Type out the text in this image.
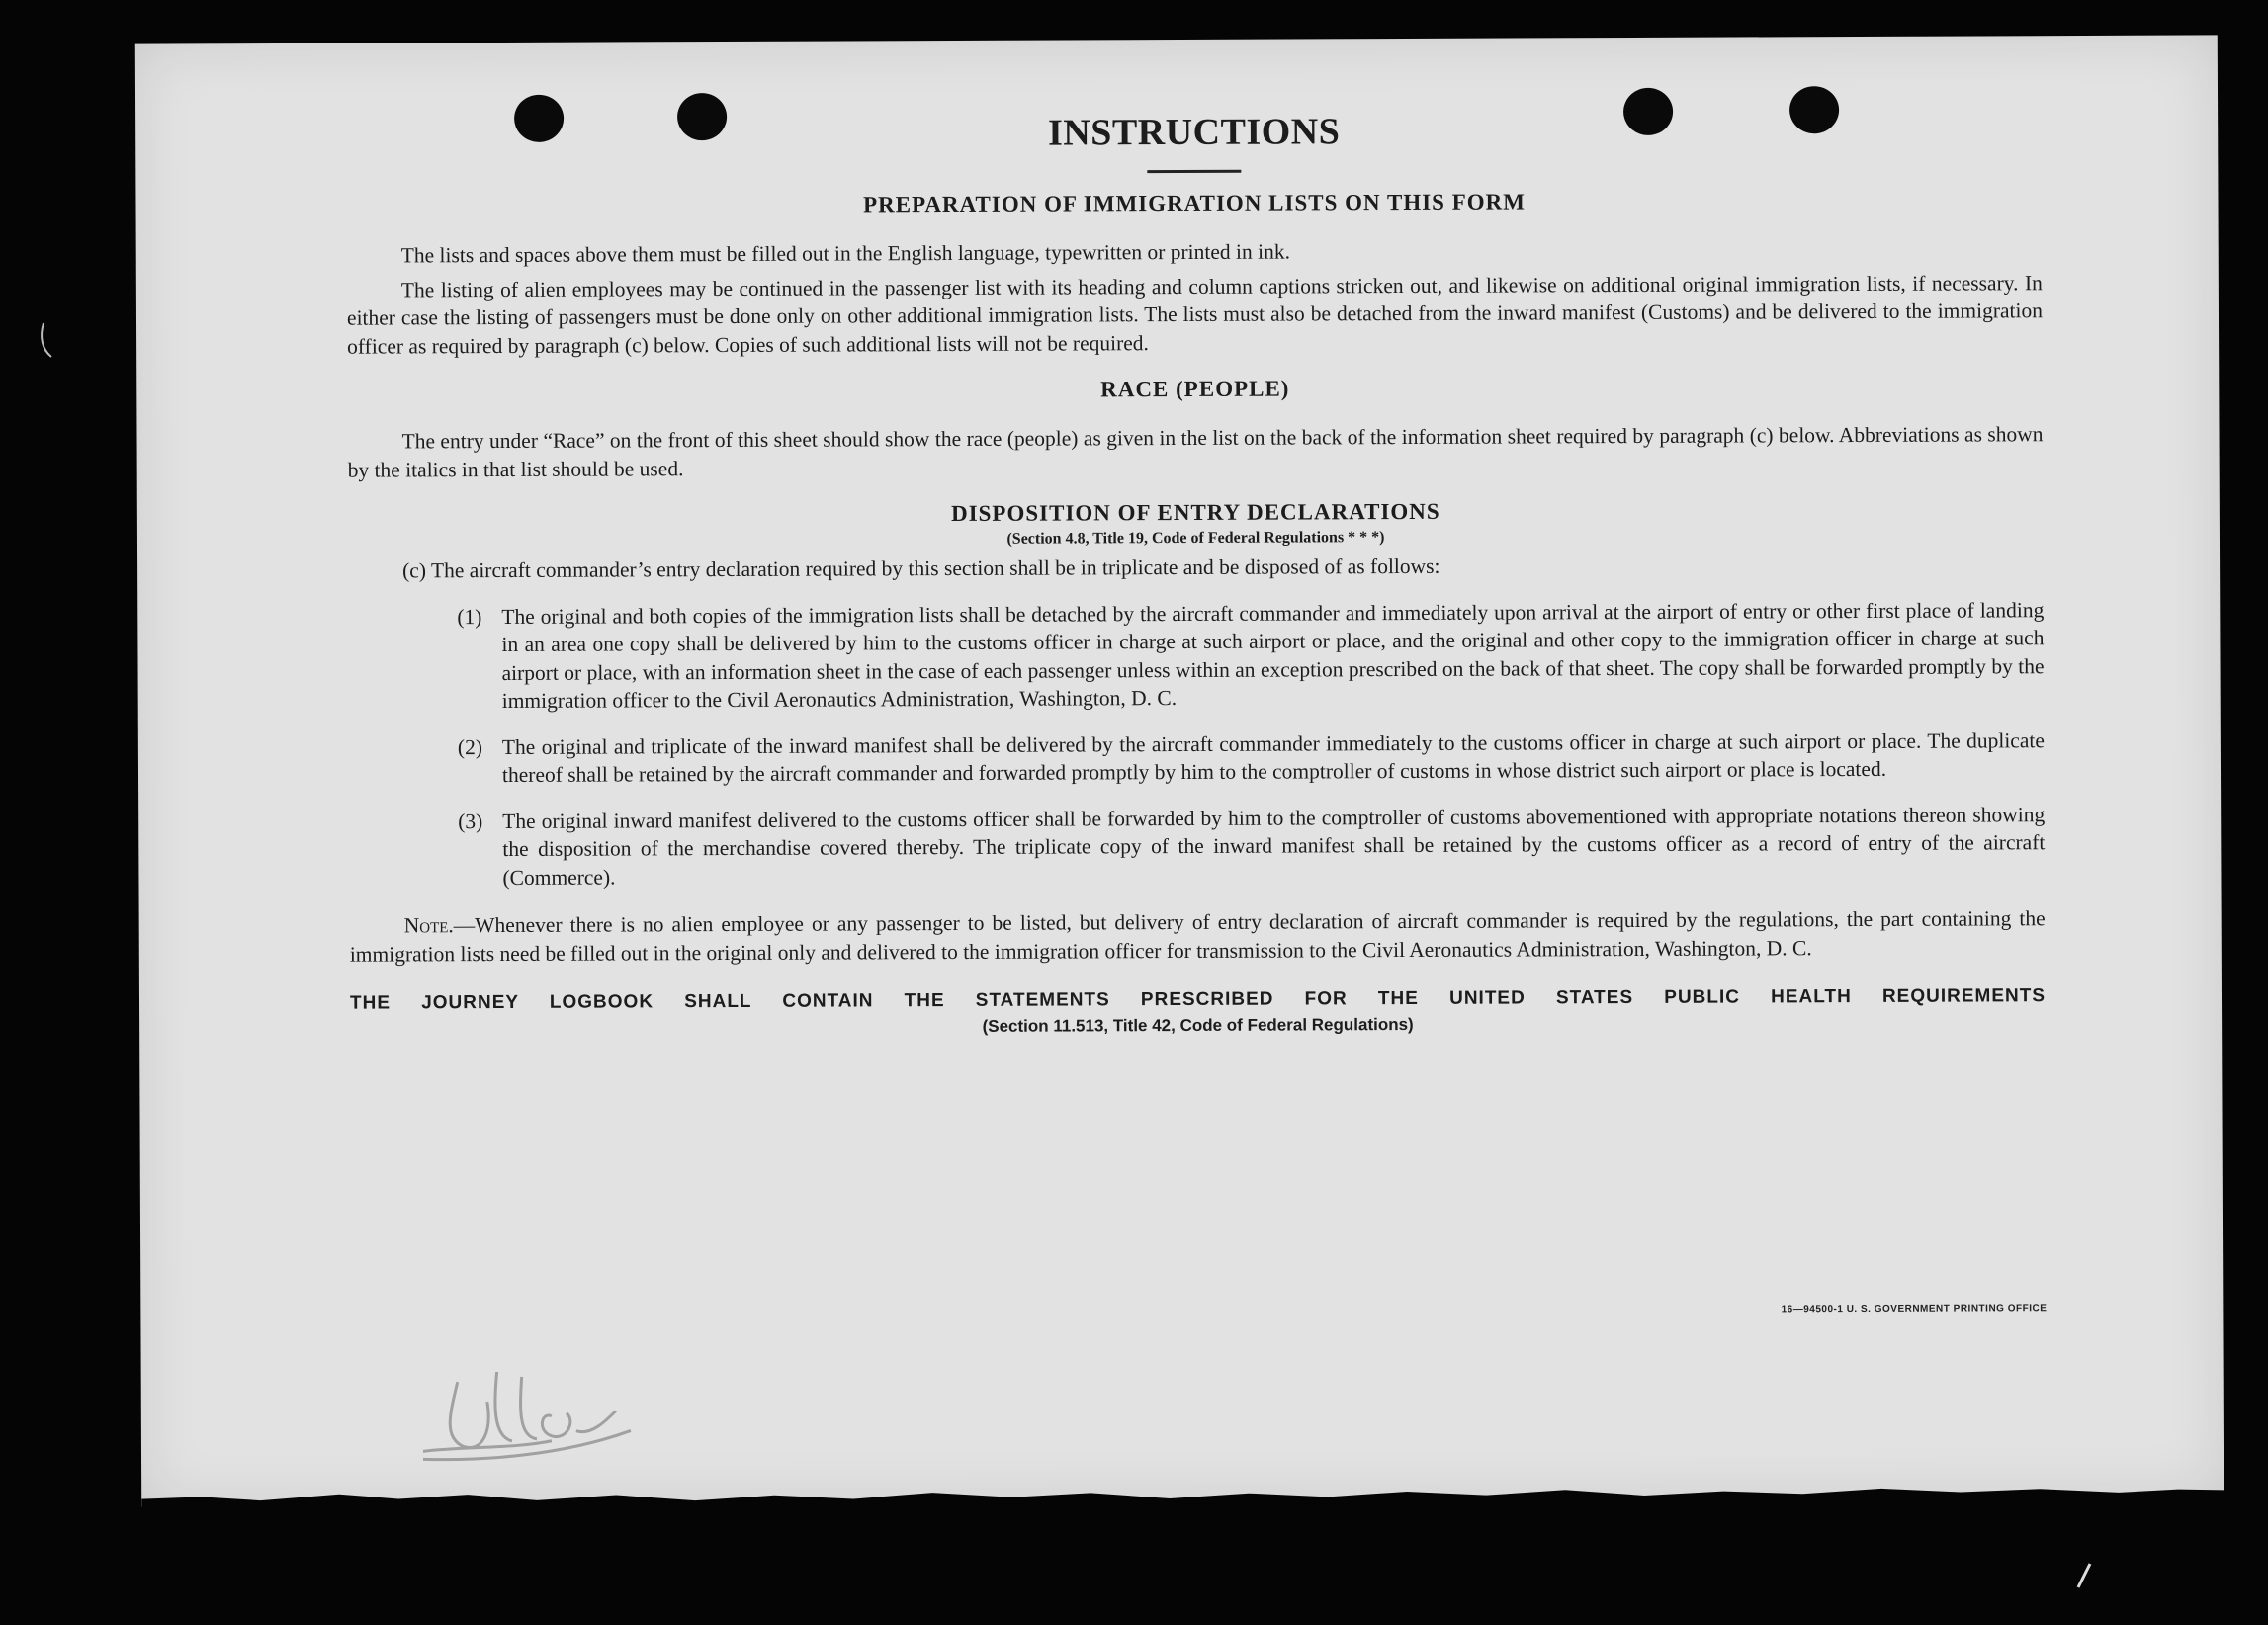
INSTRUCTIONS
PREPARATION OF IMMIGRATION LISTS ON THIS FORM

The lists and spaces above them must be filled out in the English language, typewritten or printed in ink.

The listing of alien employees may be continued in the passenger list with its heading and column captions stricken out, and likewise on additional original immigration lists, if necessary. In either case the listing of passengers must be done only on other additional immigration lists. The lists must also be detached from the inward manifest (Customs) and be delivered to the immigration officer as required by paragraph (c) below. Copies of such additional lists will not be required.

RACE (PEOPLE)

The entry under “Race” on the front of this sheet should show the race (people) as given in the list on the back of the information sheet required by paragraph (c) below. Abbreviations as shown by the italics in that list should be used.

DISPOSITION OF ENTRY DECLARATIONS
(Section 4.8, Title 19, Code of Federal Regulations * * *)

(c) The aircraft commander’s entry declaration required by this section shall be in triplicate and be disposed of as follows:

(1) The original and both copies of the immigration lists shall be detached by the aircraft commander and immediately upon arrival at the airport of entry or other first place of landing in an area one copy shall be delivered by him to the customs officer in charge at such airport or place, and the original and other copy to the immigration officer in charge at such airport or place, with an information sheet in the case of each passenger unless within an exception prescribed on the back of that sheet. The copy shall be forwarded promptly by the immigration officer to the Civil Aeronautics Administration, Washington, D. C.

(2) The original and triplicate of the inward manifest shall be delivered by the aircraft commander immediately to the customs officer in charge at such airport or place. The duplicate thereof shall be retained by the aircraft commander and forwarded promptly by him to the comptroller of customs in whose district such airport or place is located.

(3) The original inward manifest delivered to the customs officer shall be forwarded by him to the comptroller of customs abovementioned with appropriate notations thereon showing the disposition of the merchandise covered thereby. The triplicate copy of the inward manifest shall be retained by the customs officer as a record of entry of the aircraft (Commerce).

Note.—Whenever there is no alien employee or any passenger to be listed, but delivery of entry declaration of aircraft commander is required by the regulations, the part containing the immigration lists need be filled out in the original only and delivered to the immigration officer for transmission to the Civil Aeronautics Administration, Washington, D. C.

THE JOURNEY LOGBOOK SHALL CONTAIN THE STATEMENTS PRESCRIBED FOR THE UNITED STATES PUBLIC HEALTH REQUIREMENTS
(Section 11.513, Title 42, Code of Federal Regulations)
16—94500-1 U. S. GOVERNMENT PRINTING OFFICE
